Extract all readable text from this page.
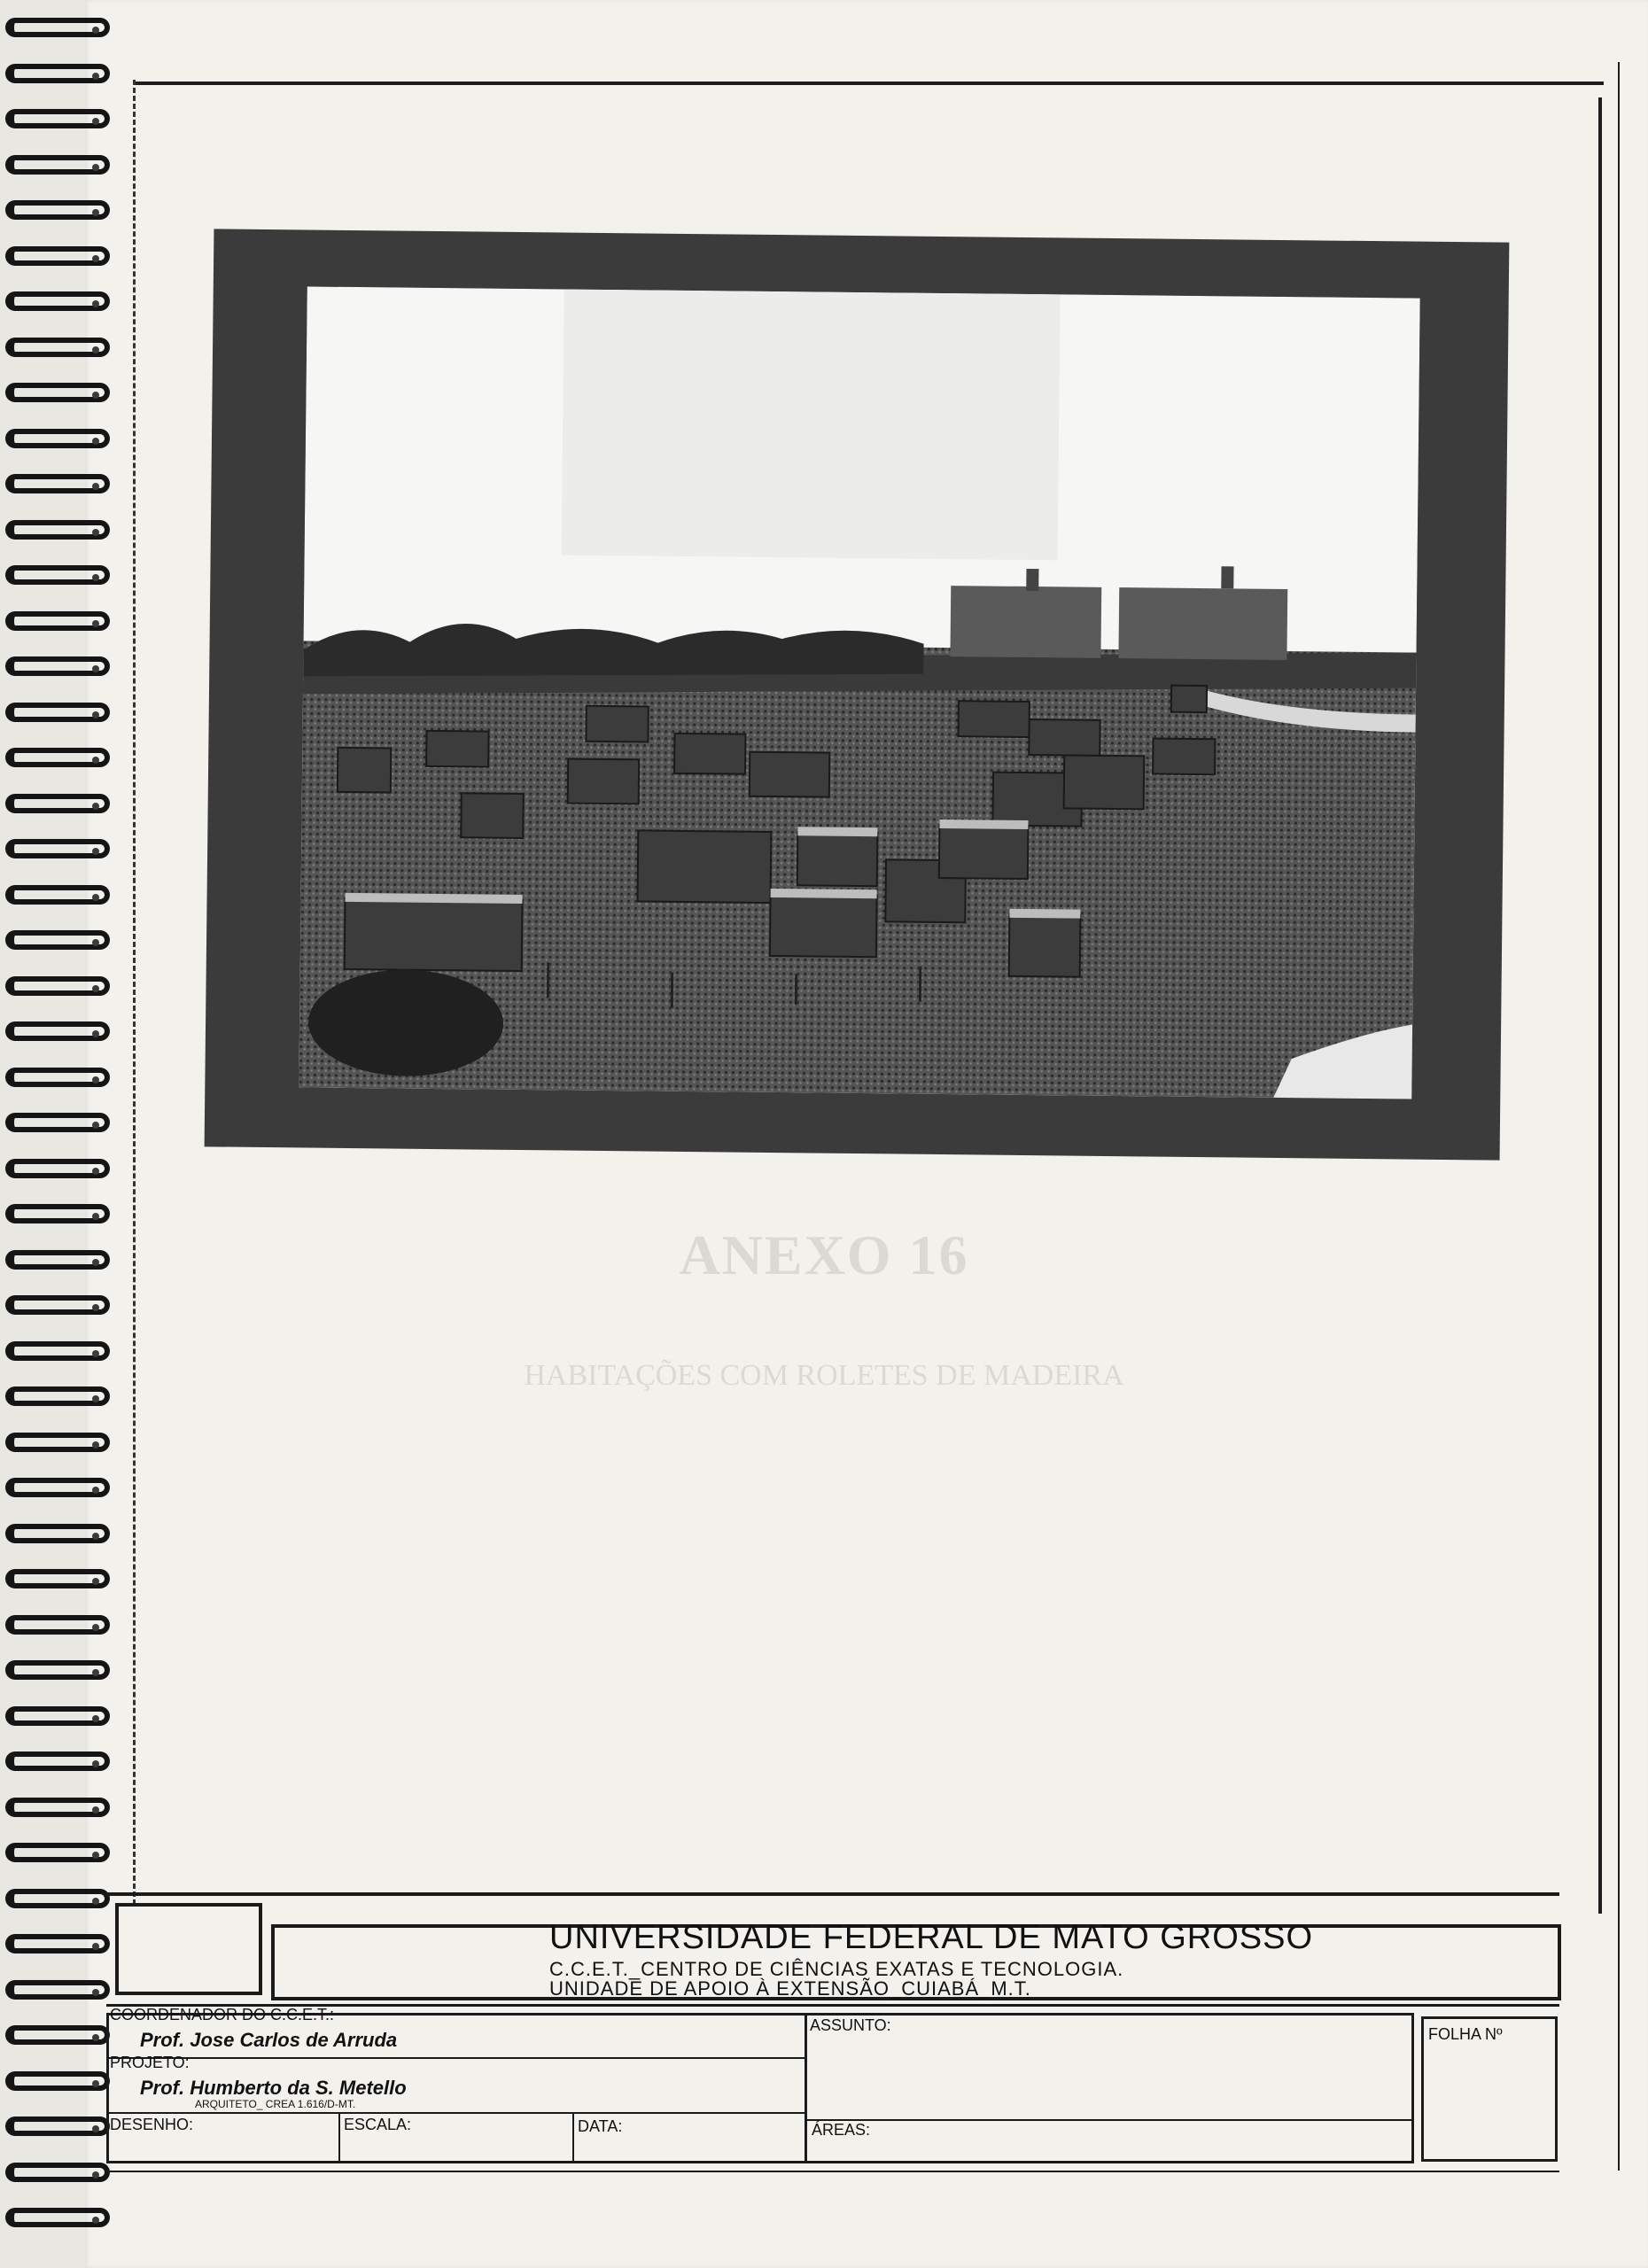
ANEXO 16
HABITAÇÕES COM ROLETES DE MADEIRA
UNIVERSIDADE FEDERAL DE MATO GROSSO
C.C.E.T._CENTRO DE CIÊNCIAS EXATAS E TECNOLOGIA.
UNIDADE DE APOIO À EXTENSÃO_CUIABÁ_M.T.
COORDENADOR DO C.C.E.T.:
Prof. Jose Carlos de Arruda
PROJETO:
Prof. Humberto da S. Metello
ARQUITETO_ CREA 1.616/D-MT.
DESENHO:	ESCALA:	DATA:
ASSUNTO:
ÁREAS:
FOLHA Nº
